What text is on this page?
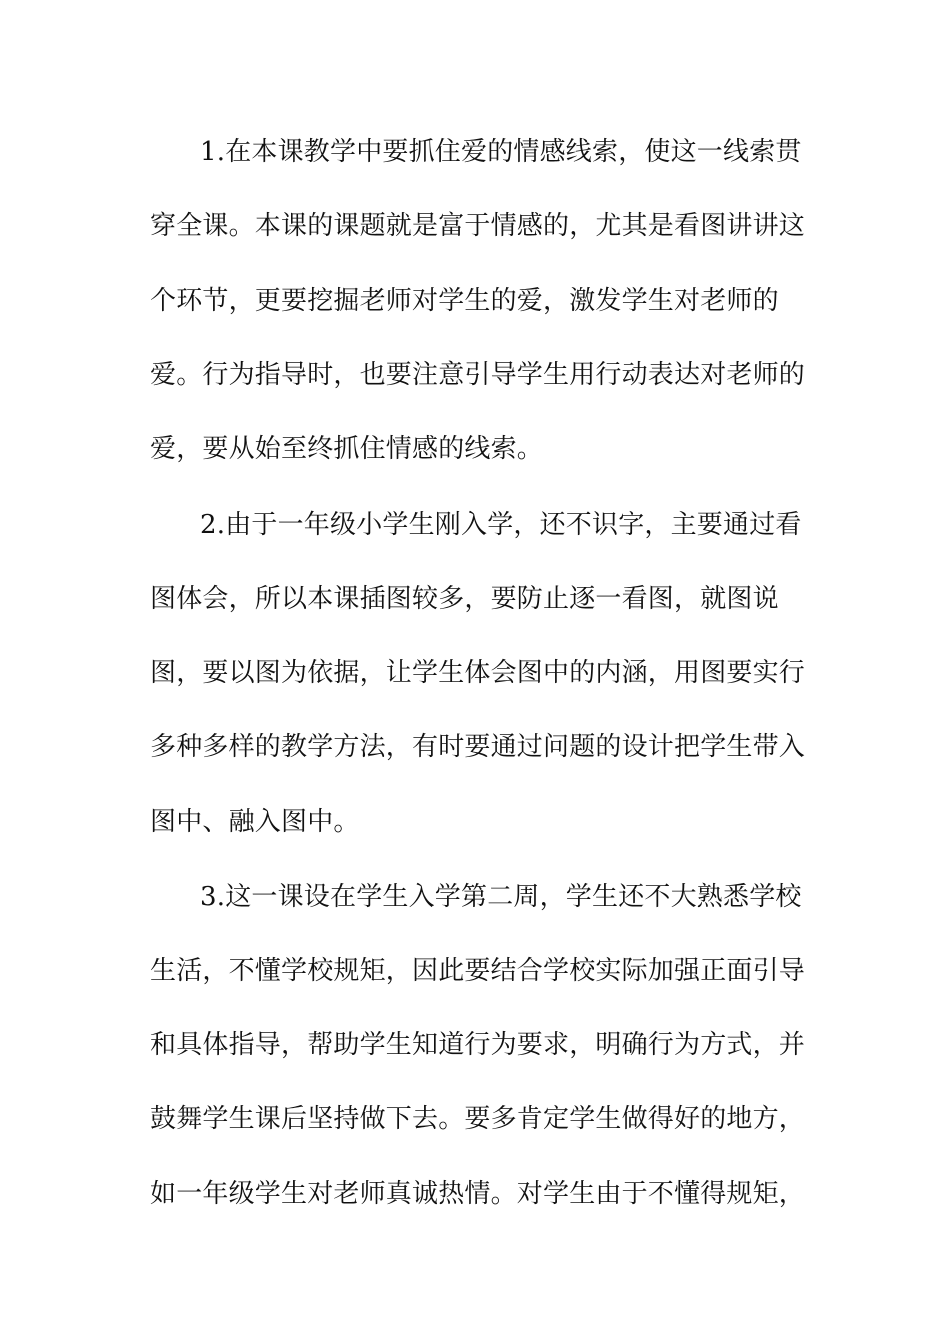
1.在本课教学中要抓住爱的情感线索，使这一线索贯
穿全课。本课的课题就是富于情感的，尤其是看图讲讲这
个环节，更要挖掘老师对学生的爱，激发学生对老师的
爱。行为指导时，也要注意引导学生用行动表达对老师的
爱，要从始至终抓住情感的线索。
2.由于一年级小学生刚入学，还不识字，主要通过看
图体会，所以本课插图较多，要防止逐一看图，就图说
图，要以图为依据，让学生体会图中的内涵，用图要实行
多种多样的教学方法，有时要通过问题的设计把学生带入
图中、融入图中。
3.这一课设在学生入学第二周，学生还不大熟悉学校
生活，不懂学校规矩，因此要结合学校实际加强正面引导
和具体指导，帮助学生知道行为要求，明确行为方式，并
鼓舞学生课后坚持做下去。要多肯定学生做得好的地方，
如一年级学生对老师真诚热情。对学生由于不懂得规矩，
